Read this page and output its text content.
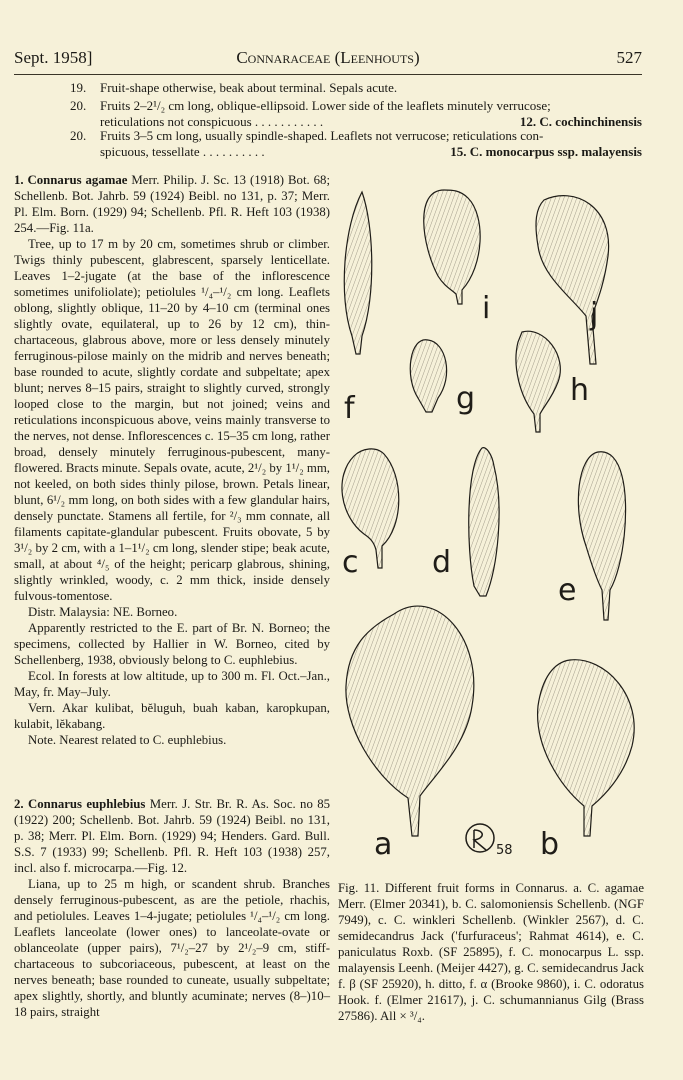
Sept. 1958]	Connaraceae (Leenhouts)	527
19. Fruit-shape otherwise, beak about terminal. Sepals acute.
20. Fruits 2–2¹/₂ cm long, oblique-ellipsoid. Lower side of the leaflets minutely verrucose;
reticulations not conspicuous . . . . . . . . . . .	12. C. cochinchinensis
20. Fruits 3–5 cm long, usually spindle-shaped. Leaflets not verrucose; reticulations con-
spicuous, tessellate . . . . . . . . . .	15. C. monocarpus ssp. malayensis

1. Connarus agamae Merr. Philip. J. Sc. 13 (1918) Bot. 68; Schellenb. Bot. Jahrb. 59 (1924) Beibl. no 131, p. 37; Merr. Pl. Elm. Born. (1929) 94; Schellenb. Pfl. R. Heft 103 (1938) 254.—Fig. 11a.

Tree, up to 17 m by 20 cm, sometimes shrub or climber. Twigs thinly pubescent, glabrescent, sparsely lenticellate. Leaves 1–2-jugate (at the base of the inflorescence sometimes unifoliolate); petiolules ¹/₄–¹/₂ cm long. Leaflets oblong, slightly oblique, 11–20 by 4–10 cm (terminal ones slightly ovate, equilateral, up to 26 by 12 cm), thin-chartaceous, glabrous above, more or less densely minutely ferruginous-pilose mainly on the midrib and nerves beneath; base rounded to acute, slightly cordate and subpeltate; apex blunt; nerves 8–15 pairs, straight to slightly curved, strongly looped close to the margin, but not joined; veins and reticulations inconspicuous above, veins mainly transverse to the nerves, not dense. Inflorescences c. 15–35 cm long, rather broad, densely minutely ferruginous-pubescent, many-flowered. Bracts minute. Sepals ovate, acute, 2¹/₂ by 1¹/₂ mm, not keeled, on both sides thinly pilose, brown. Petals linear, blunt, 6¹/₂ mm long, on both sides with a few glandular hairs, densely punctate. Stamens all fertile, for ²/₃ mm connate, all filaments capitate-glandular pubescent. Fruits obovate, 5 by 3¹/₂ by 2 cm, with a 1–1¹/₂ cm long, slender stipe; beak acute, small, at about ⁴/₅ of the height; pericarp glabrous, shining, slightly wrinkled, woody, c. 2 mm thick, inside densely fulvous-tomentose.

Distr. Malaysia: NE. Borneo.

Apparently restricted to the E. part of Br. N. Borneo; the specimens, collected by Hallier in W. Borneo, cited by Schellenberg, 1938, obviously belong to C. euphlebius.

Ecol. In forests at low altitude, up to 300 m. Fl. Oct.–Jan., May, fr. May–July.

Vern. Akar kulibat, bĕluguh, buah kaban, karopkupan, kulabit, lĕkabang.

Note. Nearest related to C. euphlebius.

2. Connarus euphlebius Merr. J. Str. Br. R. As. Soc. no 85 (1922) 200; Schellenb. Bot. Jahrb. 59 (1924) Beibl. no 131, p. 38; Merr. Pl. Elm. Born. (1929) 94; Henders. Gard. Bull. S.S. 7 (1933) 99; Schellenb. Pfl. R. Heft 103 (1938) 257, incl. also f. microcarpa.—Fig. 12.

Liana, up to 25 m high, or scandent shrub. Branches densely ferruginous-pubescent, as are the petiole, rhachis, and petiolules. Leaves 1–4-jugate; petiolules ¹/₄–¹/₂ cm long. Leaflets lanceolate (lower ones) to lanceolate-ovate or oblanceolate (upper pairs), 7¹/₂–27 by 2¹/₂–9 cm, stiff-chartaceous to subcoriaceous, pubescent, at least on the nerves beneath; base rounded to cuneate, usually subpeltate; apex slightly, shortly, and bluntly acuminate; nerves (8–)10–18 pairs, straight

f
i	j
g	h
c d
e
a	b
58
Fig. 11. Different fruit forms in Connarus. a. C. agamae Merr. (Elmer 20341), b. C. salomoniensis Schellenb. (NGF 7949), c. C. winkleri Schellenb. (Winkler 2567), d. C. semidecandrus Jack ('furfuraceus'; Rahmat 4614), e. C. paniculatus Roxb. (SF 25895), f. C. monocarpus L. ssp. malayensis Leenh. (Meijer 4427), g. C. semidecandrus Jack f. β (SF 25920), h. ditto, f. α (Brooke 9860), i. C. odoratus Hook. f. (Elmer 21617), j. C. schumannianus Gilg (Brass 27586). All × ³/₄.
